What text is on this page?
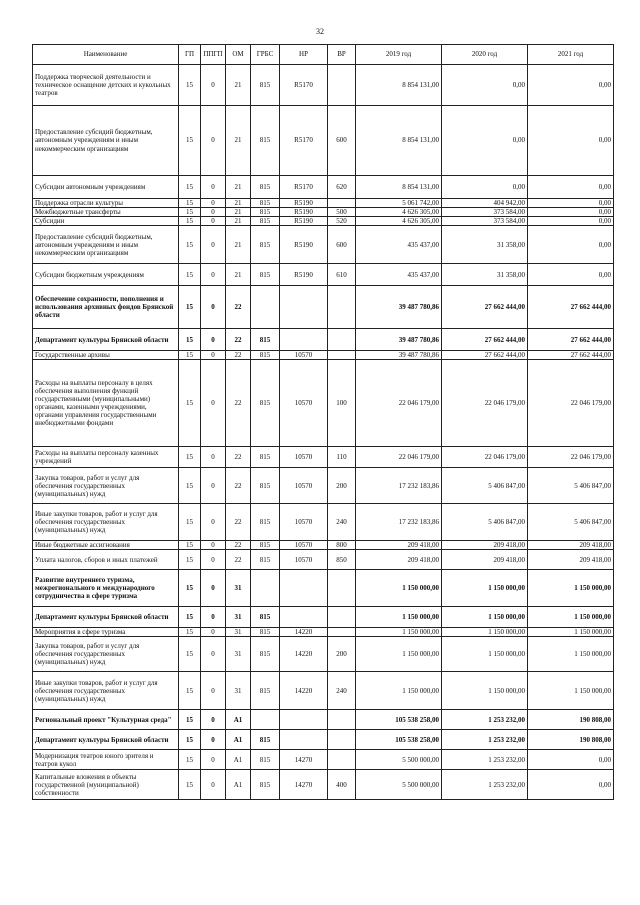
32
Наименование	ГП	ППГП	ОМ	ГРБС	НР	ВР	2019 год	2020 год	2021 год
Поддержка творческой деятельности и техническое оснащение детских и кукольных театров	15	0	21	815	R5170		8 854 131,00	0,00	0,00
Предоставление субсидий бюджетным, автономным учреждениям и иным некоммерческим организациям	15	0	21	815	R5170	600	8 854 131,00	0,00	0,00
Субсидии автономным учреждениям	15	0	21	815	R5170	620	8 854 131,00	0,00	0,00
Поддержка отрасли культуры	15	0	21	815	R5190		5 061 742,00	404 942,00	0,00
Межбюджетные трансферты	15	0	21	815	R5190	500	4 626 305,00	373 584,00	0,00
Субсидии	15	0	21	815	R5190	520	4 626 305,00	373 584,00	0,00
Предоставление субсидий бюджетным, автономным учреждениям и иным некоммерческим организациям	15	0	21	815	R5190	600	435 437,00	31 358,00	0,00
Субсидии бюджетным учреждениям	15	0	21	815	R5190	610	435 437,00	31 358,00	0,00
Обеспечение сохранности, пополнения и использования архивных фондов Брянской области	15	0	22				39 487 780,86	27 662 444,00	27 662 444,00
Департамент культуры Брянской области	15	0	22	815			39 487 780,86	27 662 444,00	27 662 444,00
Государственные архивы	15	0	22	815	10570		39 487 780,86	27 662 444,00	27 662 444,00
Расходы на выплаты персоналу в целях обеспечения выполнения функций государственными (муниципальными) органами, казенными учреждениями, органами управления государственными внебюджетными фондами	15	0	22	815	10570	100	22 046 179,00	22 046 179,00	22 046 179,00
Расходы на выплаты персоналу казенных учреждений	15	0	22	815	10570	110	22 046 179,00	22 046 179,00	22 046 179,00
Закупка товаров, работ и услуг для обеспечения государственных (муниципальных) нужд	15	0	22	815	10570	200	17 232 183,86	5 406 847,00	5 406 847,00
Иные закупки товаров, работ и услуг для обеспечения государственных (муниципальных) нужд	15	0	22	815	10570	240	17 232 183,86	5 406 847,00	5 406 847,00
Иные бюджетные ассигнования	15	0	22	815	10570	800	209 418,00	209 418,00	209 418,00
Уплата налогов, сборов и иных платежей	15	0	22	815	10570	850	209 418,00	209 418,00	209 418,00
Развитие внутреннего туризма, межрегионального и международного сотрудничества в сфере туризма	15	0	31				1 150 000,00	1 150 000,00	1 150 000,00
Департамент культуры Брянской области	15	0	31	815			1 150 000,00	1 150 000,00	1 150 000,00
Мероприятия в сфере туризма	15	0	31	815	14220		1 150 000,00	1 150 000,00	1 150 000,00
Закупка товаров, работ и услуг для обеспечения государственных (муниципальных) нужд	15	0	31	815	14220	200	1 150 000,00	1 150 000,00	1 150 000,00
Иные закупки товаров, работ и услуг для обеспечения государственных (муниципальных) нужд	15	0	31	815	14220	240	1 150 000,00	1 150 000,00	1 150 000,00
Региональный проект "Культурная среда"	15	0	A1				105 538 258,00	1 253 232,00	190 808,00
Департамент культуры Брянской области	15	0	A1	815			105 538 258,00	1 253 232,00	190 808,00
Модернизация театров юного зрителя и театров кукол	15	0	A1	815	14270		5 500 000,00	1 253 232,00	0,00
Капитальные вложения в объекты государственной (муниципальной) собственности	15	0	A1	815	14270	400	5 500 000,00	1 253 232,00	0,00
